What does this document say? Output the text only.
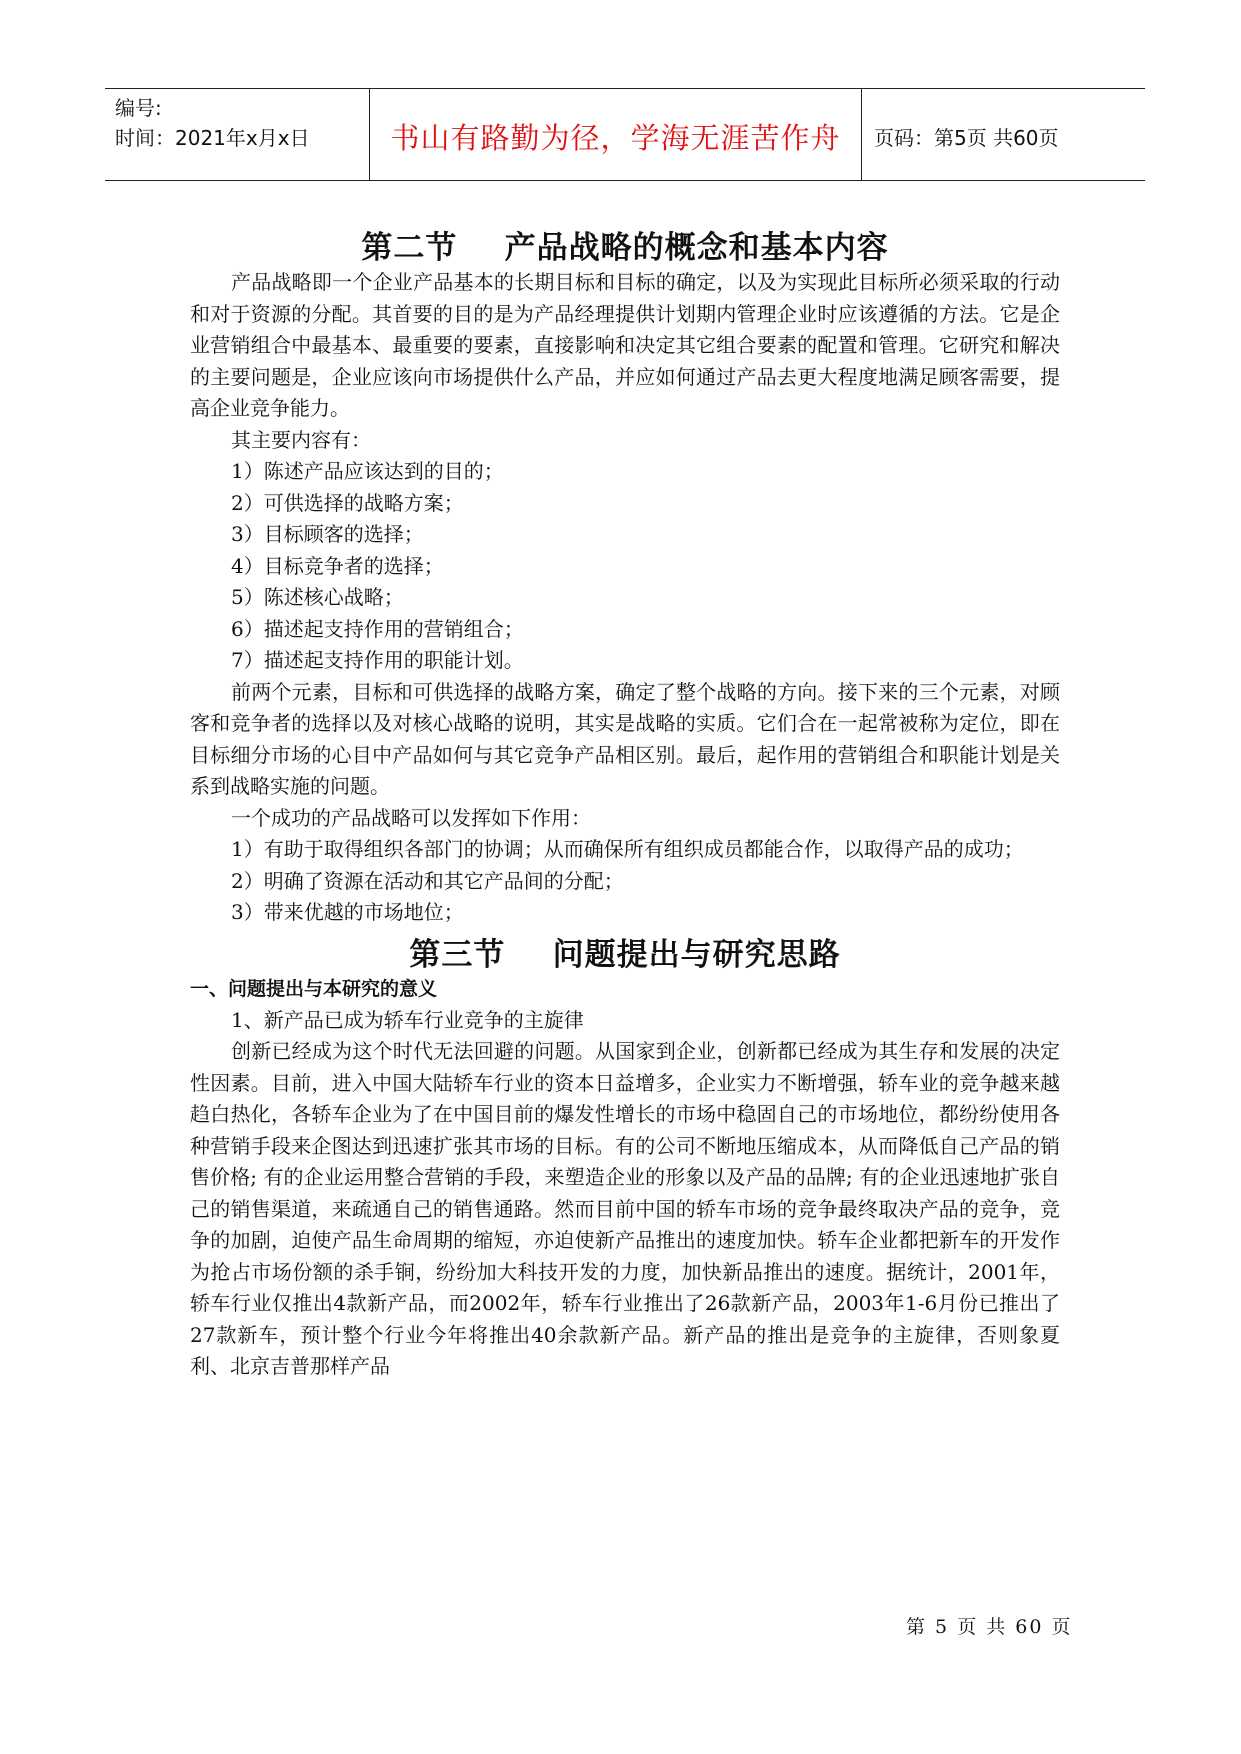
编号:
时间：2021年x月x日	书山有路勤为径，学海无涯苦作舟	页码：第5页 共60页
第二节    产品战略的概念和基本内容

产品战略即一个企业产品基本的长期目标和目标的确定，以及为实现此目标所必须采取的行动和对于资源的分配。其首要的目的是为产品经理提供计划期内管理企业时应该遵循的方法。它是企业营销组合中最基本、最重要的要素，直接影响和决定其它组合要素的配置和管理。它研究和解决的主要问题是，企业应该向市场提供什么产品，并应如何通过产品去更大程度地满足顾客需要，提高企业竞争能力。

其主要内容有：

1）陈述产品应该达到的目的；

2）可供选择的战略方案；

3）目标顾客的选择；

4）目标竞争者的选择；

5）陈述核心战略；

6）描述起支持作用的营销组合；

7）描述起支持作用的职能计划。

前两个元素，目标和可供选择的战略方案，确定了整个战略的方向。接下来的三个元素，对顾客和竞争者的选择以及对核心战略的说明，其实是战略的实质。它们合在一起常被称为定位，即在目标细分市场的心目中产品如何与其它竞争产品相区别。最后，起作用的营销组合和职能计划是关系到战略实施的问题。

一个成功的产品战略可以发挥如下作用：

1）有助于取得组织各部门的协调；从而确保所有组织成员都能合作，以取得产品的成功；

2）明确了资源在活动和其它产品间的分配；

3）带来优越的市场地位；

第三节    问题提出与研究思路
一、问题提出与本研究的意义

1、新产品已成为轿车行业竞争的主旋律

创新已经成为这个时代无法回避的问题。从国家到企业，创新都已经成为其生存和发展的决定性因素。目前，进入中国大陆轿车行业的资本日益增多，企业实力不断增强，轿车业的竞争越来越趋白热化，各轿车企业为了在中国目前的爆发性增长的市场中稳固自己的市场地位，都纷纷使用各种营销手段来企图达到迅速扩张其市场的目标。有的公司不断地压缩成本，从而降低自己产品的销售价格; 有的企业运用整合营销的手段，来塑造企业的形象以及产品的品牌; 有的企业迅速地扩张自己的销售渠道，来疏通自己的销售通路。然而目前中国的轿车市场的竞争最终取决产品的竞争，竞争的加剧，迫使产品生命周期的缩短，亦迫使新产品推出的速度加快。轿车企业都把新车的开发作为抢占市场份额的杀手锏，纷纷加大科技开发的力度，加快新品推出的速度。据统计，2001年，轿车行业仅推出4款新产品，而2002年，轿车行业推出了26款新产品，2003年1-6月份已推出了27款新车，预计整个行业今年将推出40余款新产品。新产品的推出是竞争的主旋律，否则象夏利、北京吉普那样产品

第 5 页 共 60 页
